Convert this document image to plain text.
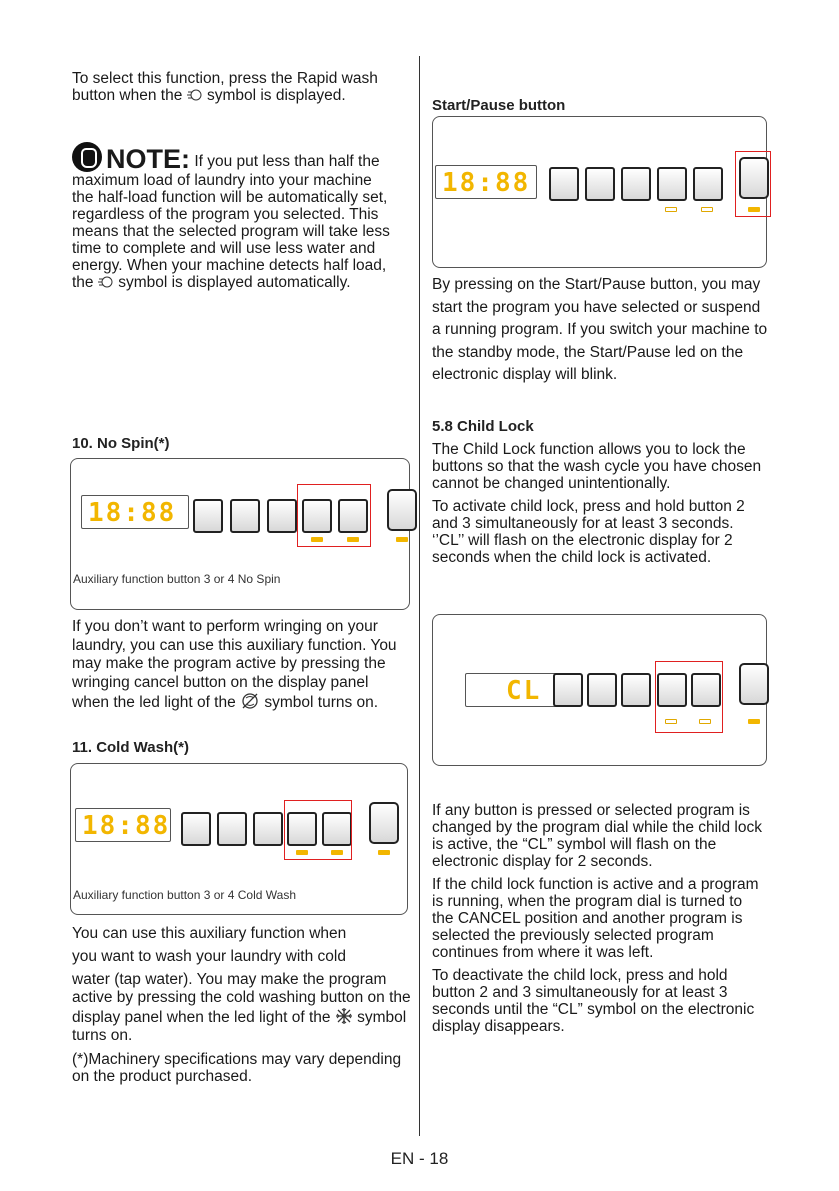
To select this function, press the Rapid wash button when the symbol is displayed.
NOTE: If you put less than half the maximum load of laundry into your machine the half-load function will be automatically set, regardless of the program you selected. This means that the selected program will take less time to complete and will use less water and energy. When your machine detects half load, the symbol is displayed automatically.
10. No Spin(*)
18:88
Auxiliary function button 3 or 4 No Spin
If you don’t want to perform wringing on your laundry, you can use this auxiliary function. You may make the program active by pressing the wringing cancel button on the display panel when the led light of the symbol turns on.
11. Cold Wash(*)
18:88
Auxiliary function button 3 or 4 Cold Wash
You can use this auxiliary function when
you want to wash your laundry with cold
water (tap water). You may make the program active by pressing the cold washing button on the display panel when the led light of the symbol turns on.

(*)Machinery specifications may vary depending on the product purchased.

Start/Pause button
18:88
By pressing on the Start/Pause button, you may start the program you have selected or suspend a running program. If you switch your machine to the standby mode, the Start/Pause led on the electronic display will blink.
5.8 Child Lock

The Child Lock function allows you to lock the buttons so that the wash cycle you have chosen cannot be changed unintentionally.

To activate child lock, press and hold button 2 and 3 simultaneously for at least 3 seconds. ‘’CL’’ will flash on the electronic display for 2 seconds when the child lock is activated.

CL

If any button is pressed or selected program is changed by the program dial while the child lock is active, the “CL” symbol will flash on the electronic display for 2 seconds.

If the child lock function is active and a program is running, when the program dial is turned to the CANCEL position and another program is selected the previously selected program continues from where it was left.

To deactivate the child lock, press and hold button 2 and 3 simultaneously for at least 3 seconds until the “CL” symbol on the electronic display disappears.

EN - 18
